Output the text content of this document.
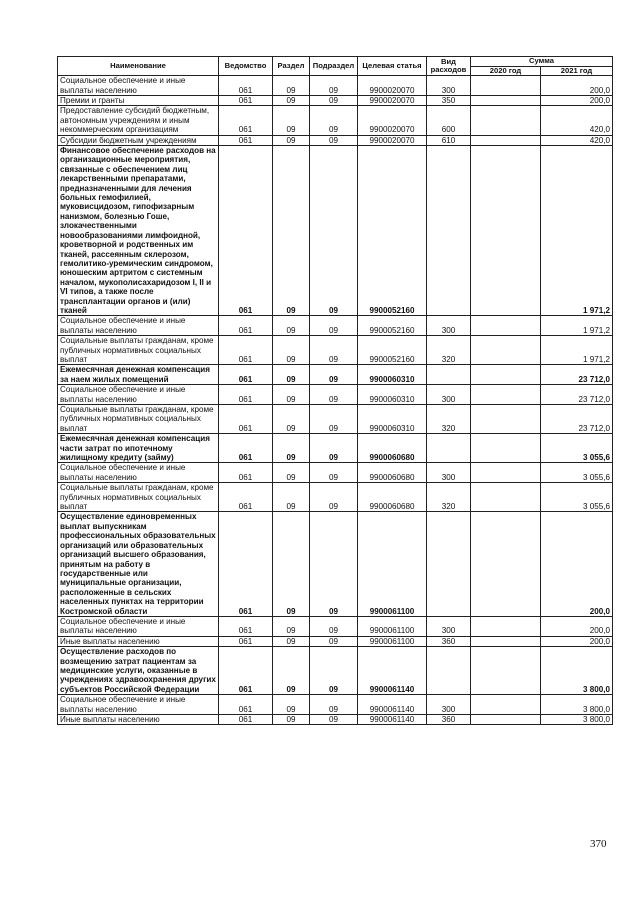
Наименование	Ведомство	Раздел	Подраздел	Целевая статья	Вид расходов	Сумма	
						2020 год	2021 год
Социальное обеспечение и иные выплаты населению	061	09	09	9900020070	300		200,0
Премии и гранты	061	09	09	9900020070	350		200,0
Предоставление субсидий бюджетным, автономным учреждениям и иным некоммерческим организациям	061	09	09	9900020070	600		420,0
Субсидии бюджетным учреждениям	061	09	09	9900020070	610		420,0
Финансовое обеспечение расходов на организационные мероприятия, связанные с обеспечением лиц лекарственными препаратами, предназначенными для лечения больных гемофилией, муковисцидозом, гипофизарным нанизмом, болезнью Гоше, злокачественными новообразованиями лимфоидной, кроветворной и родственных им тканей, рассеянным склерозом, гемолитико-уремическим синдромом, юношеским артритом с системным началом, мукополисахаридозом I, II и VI типов, а также после трансплантации органов и (или) тканей	061	09	09	9900052160			1 971,2
Социальное обеспечение и иные выплаты населению	061	09	09	9900052160	300		1 971,2
Социальные выплаты гражданам, кроме публичных нормативных социальных выплат	061	09	09	9900052160	320		1 971,2
Ежемесячная денежная компенсация за наем жилых помещений	061	09	09	9900060310			23 712,0
Социальное обеспечение и иные выплаты населению	061	09	09	9900060310	300		23 712,0
Социальные выплаты гражданам, кроме публичных нормативных социальных выплат	061	09	09	9900060310	320		23 712,0
Ежемесячная денежная компенсация части затрат по ипотечному жилищному кредиту (займу)	061	09	09	9900060680			3 055,6
Социальное обеспечение и иные выплаты населению	061	09	09	9900060680	300		3 055,6
Социальные выплаты гражданам, кроме публичных нормативных социальных выплат	061	09	09	9900060680	320		3 055,6
Осуществление единовременных выплат выпускникам профессиональных образовательных организаций или образовательных организаций высшего образования, принятым на работу в государственные или муниципальные организации, расположенные в сельских населенных пунктах на территории Костромской области	061	09	09	9900061100			200,0
Социальное обеспечение и иные выплаты населению	061	09	09	9900061100	300		200,0
Иные выплаты населению	061	09	09	9900061100	360		200,0
Осуществление расходов по возмещению затрат пациентам за медицинские услуги, оказанные в учреждениях здравоохранения других субъектов Российской Федерации	061	09	09	9900061140			3 800,0
Социальное обеспечение и иные выплаты населению	061	09	09	9900061140	300		3 800,0
Иные выплаты населению	061	09	09	9900061140	360		3 800,0
370
